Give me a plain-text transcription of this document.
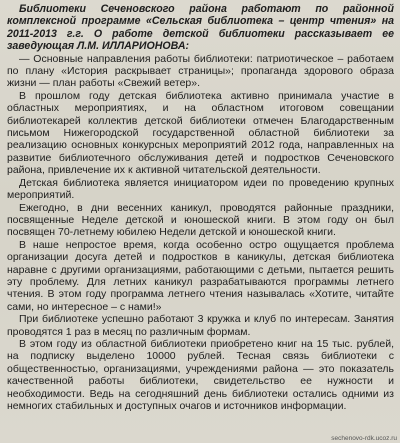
Библиотеки Сеченовского района работают по районной комплексной программе «Сельская библиотека – центр чтения» на 2011-2013 г.г. О работе детской библиотеки рассказывает ее заведующая Л.М. ИЛЛАРИОНОВА:

— Основные направления работы библиотеки: патриотическое – работаем по плану «История раскрывает страницы»; пропаганда здорового образа жизни — план работы «Свежий ветер».

В прошлом году детская библиотека активно принимала участие в областных мероприятиях, и на областном итоговом совещании библиотекарей коллектив детской библиотеки отмечен Благодарственным письмом Нижегородской государственной областной библиотеки за реализацию основных конкурсных мероприятий 2012 года, направленных на развитие библиотечного обслуживания детей и подростков Сеченовского района, привлечение их к активной читательской деятельности.

Детская библиотека является инициатором идеи по проведению крупных мероприятий.

Ежегодно, в дни весенних каникул, проводятся районные праздники, посвященные Неделе детской и юношеской книги. В этом году он был посвящен 70-летнему юбилею Недели детской и юношеской книги.

В наше непростое время, когда особенно остро ощущается проблема организации досуга детей и подростков в каникулы, детская библиотека наравне с другими организациями, работающими с детьми, пытается решить эту проблему. Для летних каникул разрабатываются программы летнего чтения. В этом году программа летнего чтения называлась «Хотите, читайте сами, но интересное – с нами!»

При библиотеке успешно работают 3 кружка и клуб по интересам. Занятия проводятся 1 раз в месяц по различным формам.

В этом году из областной библиотеки приобретено книг на 15 тыс. рублей, на подписку выделено 10000 рублей. Тесная связь библиотеки с общественностью, организациями, учреждениями района — это показатель качественной работы библиотеки, свидетельство ее нужности и необходимости. Ведь на сегодняшний день библиотеки остались одними из немногих стабильных и доступных очагов и источников информации.

sechenovo-rdk.ucoz.ru
